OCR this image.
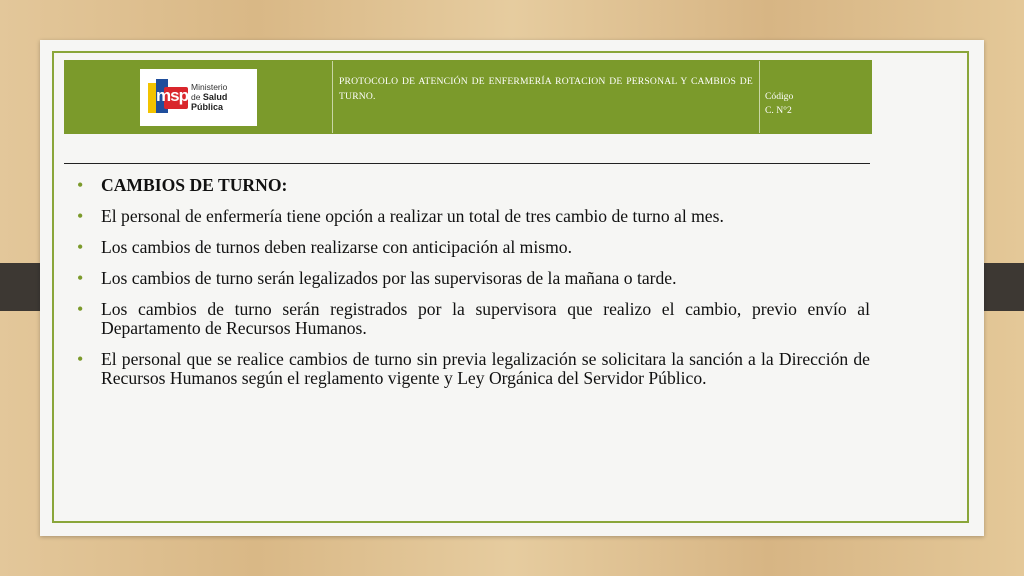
msp Ministerio
de Salud Pública
PROTOCOLO DE ATENCIÓN DE ENFERMERÍA ROTACION DE PERSONAL Y CAMBIOS DE TURNO.	Código
C. N°2
• CAMBIOS DE TURNO:
• El personal de enfermería tiene opción a realizar un total de tres cambio de turno al mes.
• Los cambios de turnos deben realizarse con anticipación al mismo.
• Los cambios de turno serán legalizados por las supervisoras de la mañana o tarde.
• Los cambios de turno serán registrados por la supervisora que realizo el cambio, previo envío al Departamento de Recursos Humanos.
• El personal que se realice cambios de turno sin previa legalización se solicitara la sanción a la Dirección de Recursos Humanos según el reglamento vigente y Ley Orgánica del Servidor Público.
